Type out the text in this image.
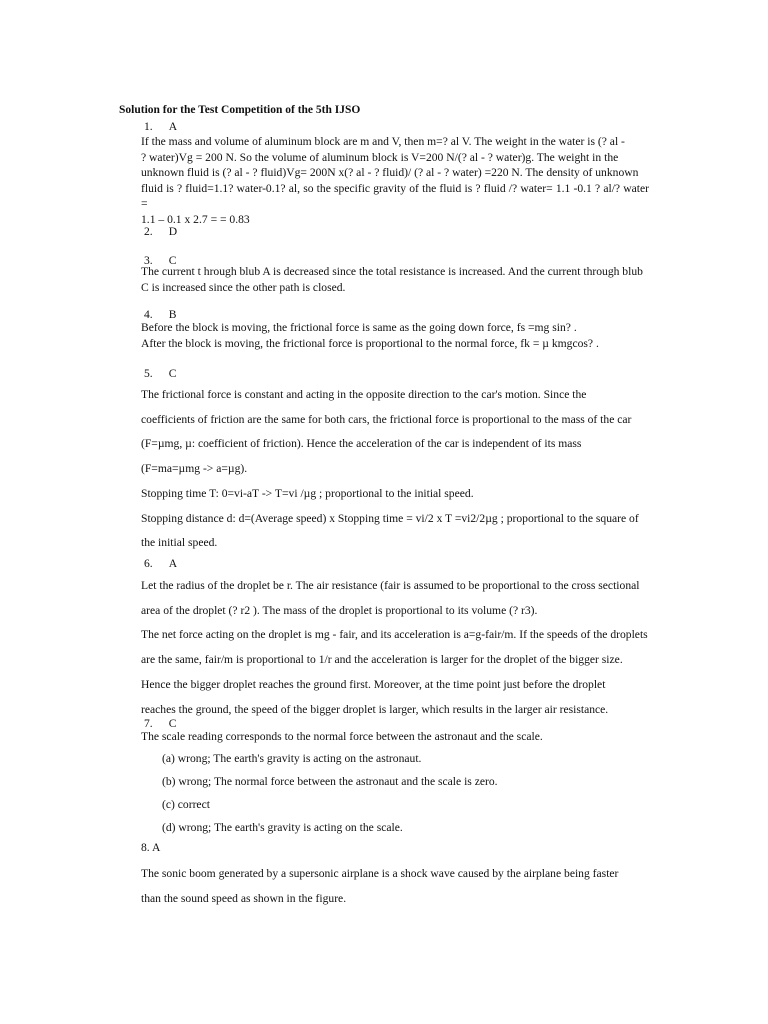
Solution for the Test Competition of the 5th IJSO
1. A

If the mass and volume of aluminum block are m and V, then m=? al V. The weight in the water is (? al -

? water)Vg = 200 N. So the volume of aluminum block is V=200 N/(? al - ? water)g. The weight in the

unknown fluid is (? al - ? fluid)Vg= 200N x(? al - ? fluid)/ (? al - ? water) =220 N. The density of unknown

fluid is ? fluid=1.1? water-0.1? al, so the specific gravity of the fluid is ? fluid /? water= 1.1 -0.1 ? al/? water =

1.1 – 0.1 x 2.7 = = 0.83

2. D
3. C

The current t hrough blub A is decreased since the total resistance is increased. And the current through blub

C is increased since the other path is closed.

4. B

Before the block is moving, the frictional force is same as the going down force, fs =mg sin? .

After the block is moving, the frictional force is proportional to the normal force, fk = µ kmgcos? .

5. C

The frictional force is constant and acting in the opposite direction to the car's motion. Since the

coefficients of friction are the same for both cars, the frictional force is proportional to the mass of the car

(F=µmg, µ: coefficient of friction). Hence the acceleration of the car is independent of its mass

(F=ma=µmg -> a=µg).

Stopping time T: 0=vi-aT -> T=vi /µg ; proportional to the initial speed.

Stopping distance d: d=(Average speed) x Stopping time = vi/2 x T =vi2/2µg ; proportional to the square of

the initial speed.

6. A

Let the radius of the droplet be r. The air resistance (fair is assumed to be proportional to the cross sectional

area of the droplet (? r2 ). The mass of the droplet is proportional to its volume (? r3).

The net force acting on the droplet is mg - fair, and its acceleration is a=g-fair/m. If the speeds of the droplets

are the same, fair/m is proportional to 1/r and the acceleration is larger for the droplet of the bigger size.

Hence the bigger droplet reaches the ground first. Moreover, at the time point just before the droplet

reaches the ground, the speed of the bigger droplet is larger, which results in the larger air resistance.

7. C

The scale reading corresponds to the normal force between the astronaut and the scale.

(a) wrong; The earth's gravity is acting on the astronaut.
(b) wrong; The normal force between the astronaut and the scale is zero.
(c) correct
(d) wrong; The earth's gravity is acting on the scale.
8. A

The sonic boom generated by a supersonic airplane is a shock wave caused by the airplane being faster

than the sound speed as shown in the figure.
